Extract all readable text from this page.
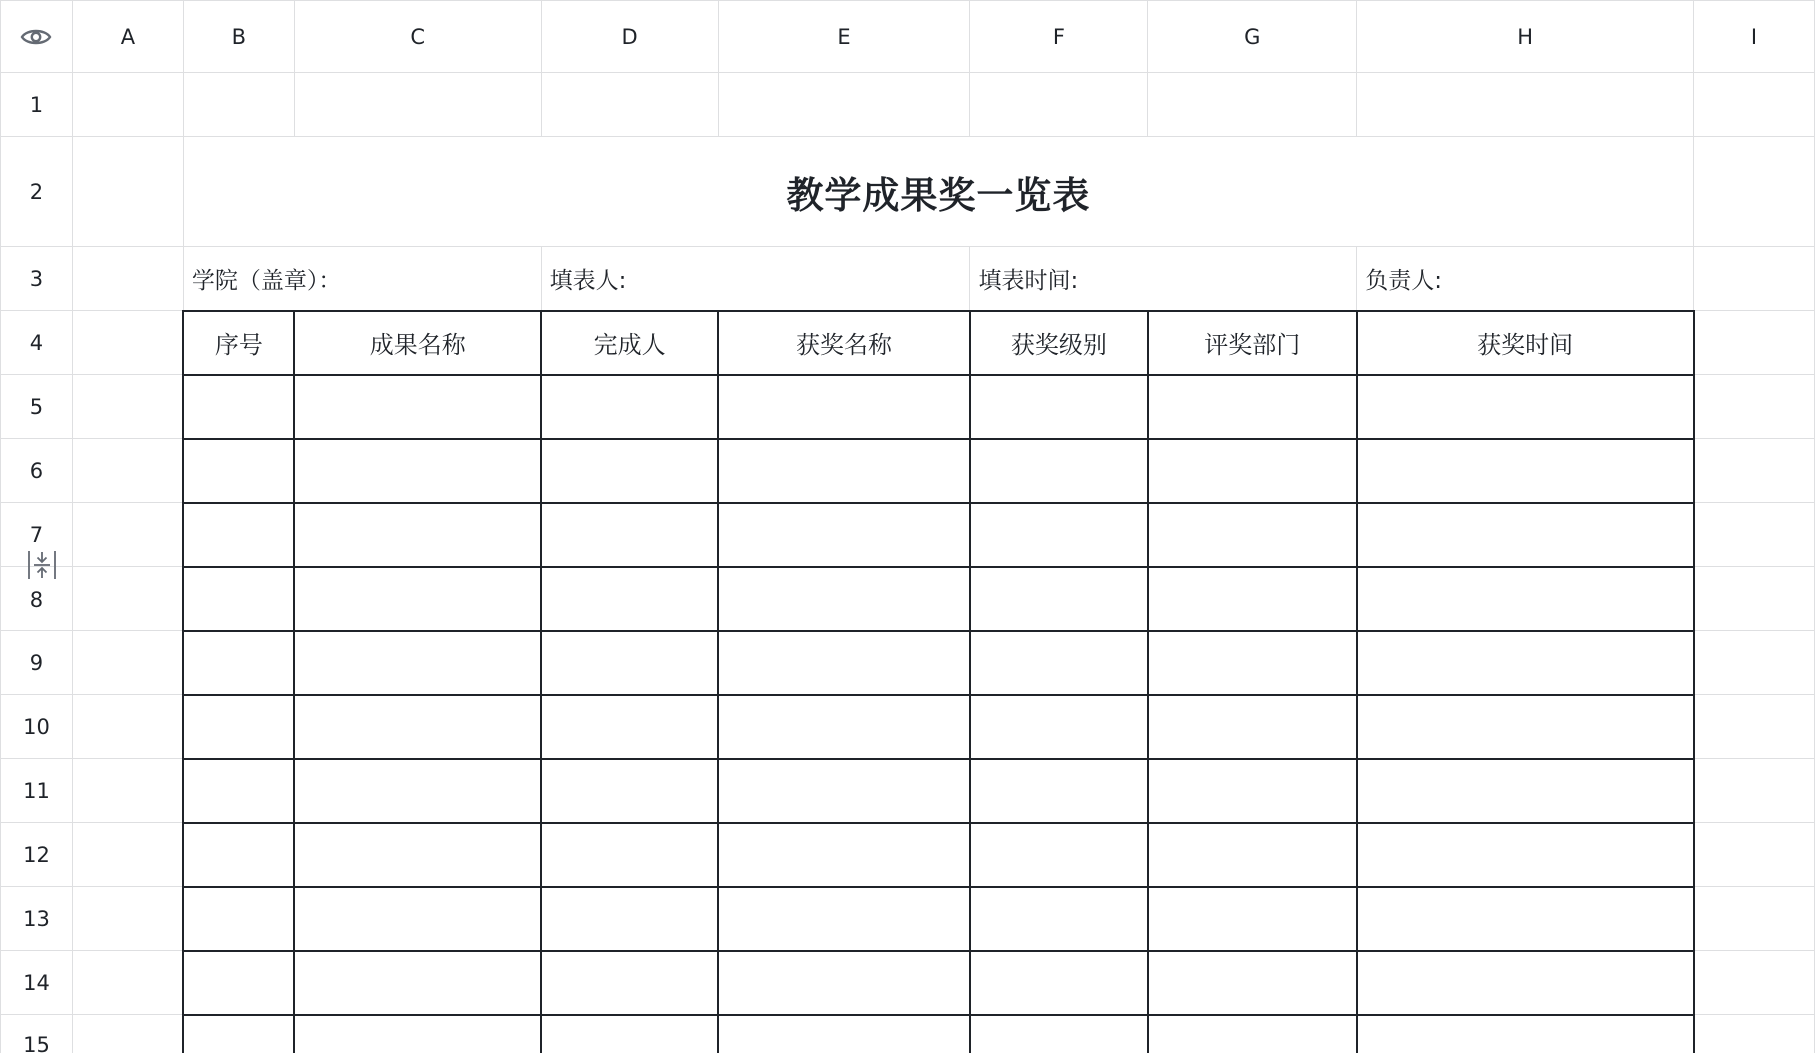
	A	B	C	D	E	F	G	H	I
1									
2		教学成果奖一览表							
3		学院（盖章）：		填表人:		填表时间:		负责人:	
4		序号	成果名称	完成人	获奖名称	获奖级别	评奖部门	获奖时间	
5									
6									
7									
8									
9									
10									
11									
12									
13									
14									
15									
